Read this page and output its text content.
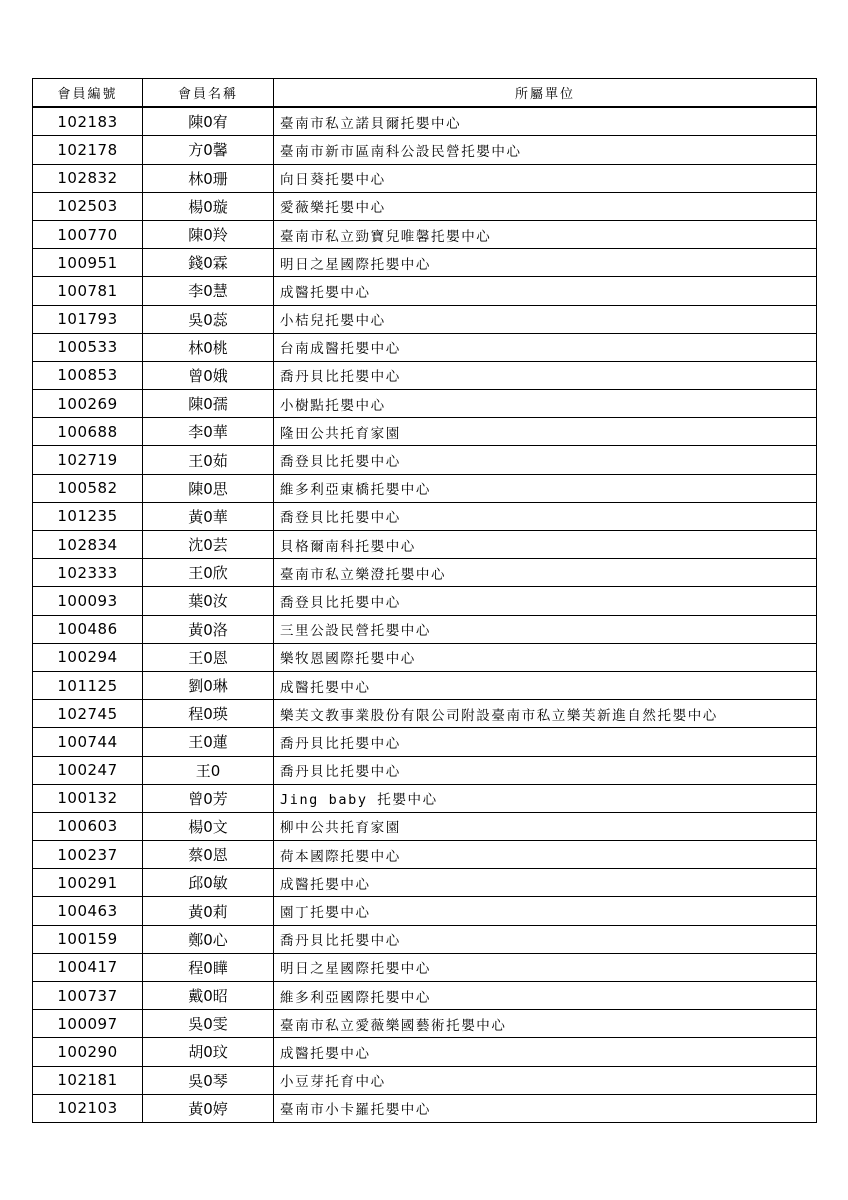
會員編號	會員名稱	所屬單位
102183	陳0宥	臺南市私立諾貝爾托嬰中心
102178	方0馨	臺南市新市區南科公設民營托嬰中心
102832	林0珊	向日葵托嬰中心
102503	楊0璇	愛薇樂托嬰中心
100770	陳0羚	臺南市私立勁寶兒唯馨托嬰中心
100951	錢0霖	明日之星國際托嬰中心
100781	李0慧	成醫托嬰中心
101793	吳0蕊	小桔兒托嬰中心
100533	林0桃	台南成醫托嬰中心
100853	曾0娥	喬丹貝比托嬰中心
100269	陳0孺	小樹點托嬰中心
100688	李0華	隆田公共托育家園
102719	王0茹	喬登貝比托嬰中心
100582	陳0思	維多利亞東橋托嬰中心
101235	黃0華	喬登貝比托嬰中心
102834	沈0芸	貝格爾南科托嬰中心
102333	王0欣	臺南市私立樂澄托嬰中心
100093	葉0汝	喬登貝比托嬰中心
100486	黃0洛	三里公設民營托嬰中心
100294	王0恩	樂牧恩國際托嬰中心
101125	劉0琳	成醫托嬰中心
102745	程0瑛	樂芙文教事業股份有限公司附設臺南市私立樂芙新進自然托嬰中心
100744	王0蓮	喬丹貝比托嬰中心
100247	王0	喬丹貝比托嬰中心
100132	曾0芳	Jing baby 托嬰中心
100603	楊0文	柳中公共托育家園
100237	蔡0恩	荷本國際托嬰中心
100291	邱0敏	成醫托嬰中心
100463	黃0莉	園丁托嬰中心
100159	鄭0心	喬丹貝比托嬰中心
100417	程0瞱	明日之星國際托嬰中心
100737	戴0昭	維多利亞國際托嬰中心
100097	吳0雯	臺南市私立愛薇樂國藝術托嬰中心
100290	胡0玟	成醫托嬰中心
102181	吳0琴	小豆芽托育中心
102103	黃0婷	臺南市小卡羅托嬰中心
